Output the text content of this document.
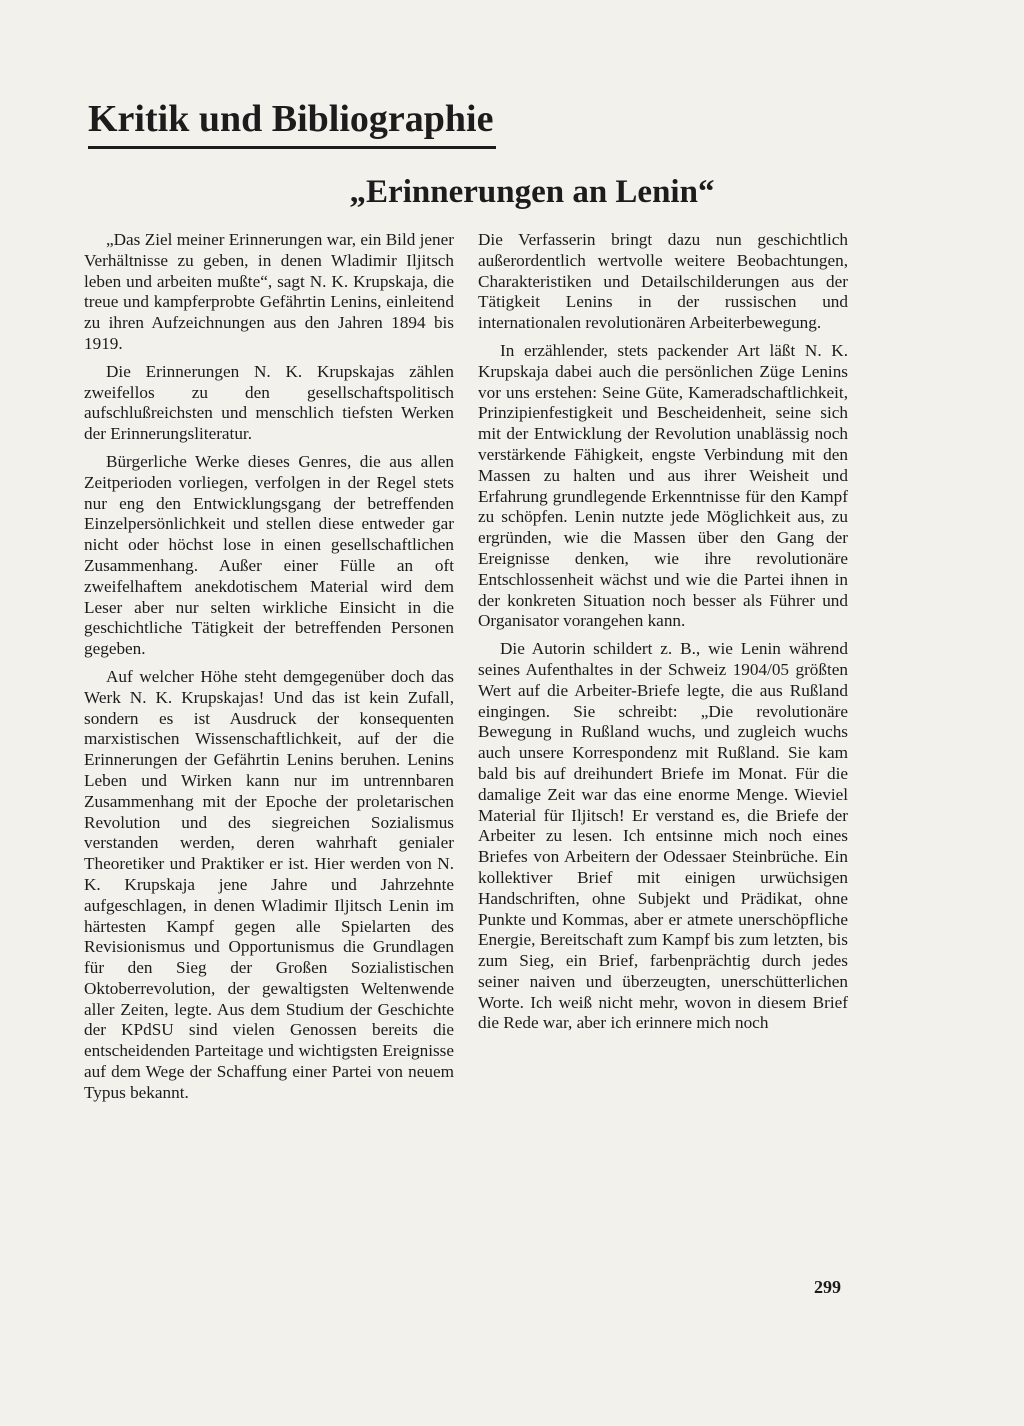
Kritik und Bibliographie
„Erinnerungen an Lenin“

„Das Ziel meiner Erinnerungen war, ein Bild jener Verhältnisse zu geben, in denen Wladimir Iljitsch leben und arbeiten mußte“, sagt N. K. Krupskaja, die treue und kampferprobte Gefährtin Lenins, einleitend zu ihren Aufzeichnungen aus den Jahren 1894 bis 1919.

Die Erinnerungen N. K. Krupskajas zählen zweifellos zu den gesellschaftspolitisch aufschlußreichsten und menschlich tiefsten Werken der Erinnerungsliteratur.

Bürgerliche Werke dieses Genres, die aus allen Zeitperioden vorliegen, verfolgen in der Regel stets nur eng den Entwicklungsgang der betreffenden Einzelpersönlichkeit und stellen diese entweder gar nicht oder höchst lose in einen gesellschaftlichen Zusammenhang. Außer einer Fülle an oft zweifelhaftem anekdotischem Material wird dem Leser aber nur selten wirkliche Einsicht in die geschichtliche Tätigkeit der betreffenden Personen gegeben.

Auf welcher Höhe steht demgegenüber doch das Werk N. K. Krupskajas! Und das ist kein Zufall, sondern es ist Ausdruck der konsequenten marxistischen Wissenschaftlichkeit, auf der die Erinnerungen der Gefährtin Lenins beruhen. Lenins Leben und Wirken kann nur im untrennbaren Zusammenhang mit der Epoche der proletarischen Revolution und des siegreichen Sozialismus verstanden werden, deren wahrhaft genialer Theoretiker und Praktiker er ist. Hier werden von N. K. Krupskaja jene Jahre und Jahrzehnte aufgeschlagen, in denen Wladimir Iljitsch Lenin im härtesten Kampf gegen alle Spielarten des Revisionismus und Opportunismus die Grundlagen für den Sieg der Großen Sozialistischen Oktoberrevolution, der gewaltigsten Weltenwende aller Zeiten, legte. Aus dem Studium der Geschichte der KPdSU sind vielen Genossen bereits die entscheidenden Parteitage und wichtigsten Ereignisse auf dem Wege der Schaffung einer Partei von neuem Typus bekannt.

Die Verfasserin bringt dazu nun geschichtlich außerordentlich wertvolle weitere Beobachtungen, Charakteristiken und Detailschilderungen aus der Tätigkeit Lenins in der russischen und internationalen revolutionären Arbeiterbewegung.

In erzählender, stets packender Art läßt N. K. Krupskaja dabei auch die persönlichen Züge Lenins vor uns erstehen: Seine Güte, Kameradschaftlichkeit, Prinzipienfestigkeit und Bescheidenheit, seine sich mit der Entwicklung der Revolution unablässig noch verstärkende Fähigkeit, engste Verbindung mit den Massen zu halten und aus ihrer Weisheit und Erfahrung grundlegende Erkenntnisse für den Kampf zu schöpfen. Lenin nutzte jede Möglichkeit aus, zu ergründen, wie die Massen über den Gang der Ereignisse denken, wie ihre revolutionäre Entschlossenheit wächst und wie die Partei ihnen in der konkreten Situation noch besser als Führer und Organisator vorangehen kann.

Die Autorin schildert z. B., wie Lenin während seines Aufenthaltes in der Schweiz 1904/05 größten Wert auf die Arbeiter-Briefe legte, die aus Rußland eingingen. Sie schreibt: „Die revolutionäre Bewegung in Rußland wuchs, und zugleich wuchs auch unsere Korrespondenz mit Rußland. Sie kam bald bis auf dreihundert Briefe im Monat. Für die damalige Zeit war das eine enorme Menge. Wieviel Material für Iljitsch! Er verstand es, die Briefe der Arbeiter zu lesen. Ich entsinne mich noch eines Briefes von Arbeitern der Odessaer Steinbrüche. Ein kollektiver Brief mit einigen urwüchsigen Handschriften, ohne Subjekt und Prädikat, ohne Punkte und Kommas, aber er atmete unerschöpfliche Energie, Bereitschaft zum Kampf bis zum letzten, bis zum Sieg, ein Brief, farbenprächtig durch jedes seiner naiven und überzeugten, unerschütterlichen Worte. Ich weiß nicht mehr, wovon in diesem Brief die Rede war, aber ich erinnere mich noch

299
